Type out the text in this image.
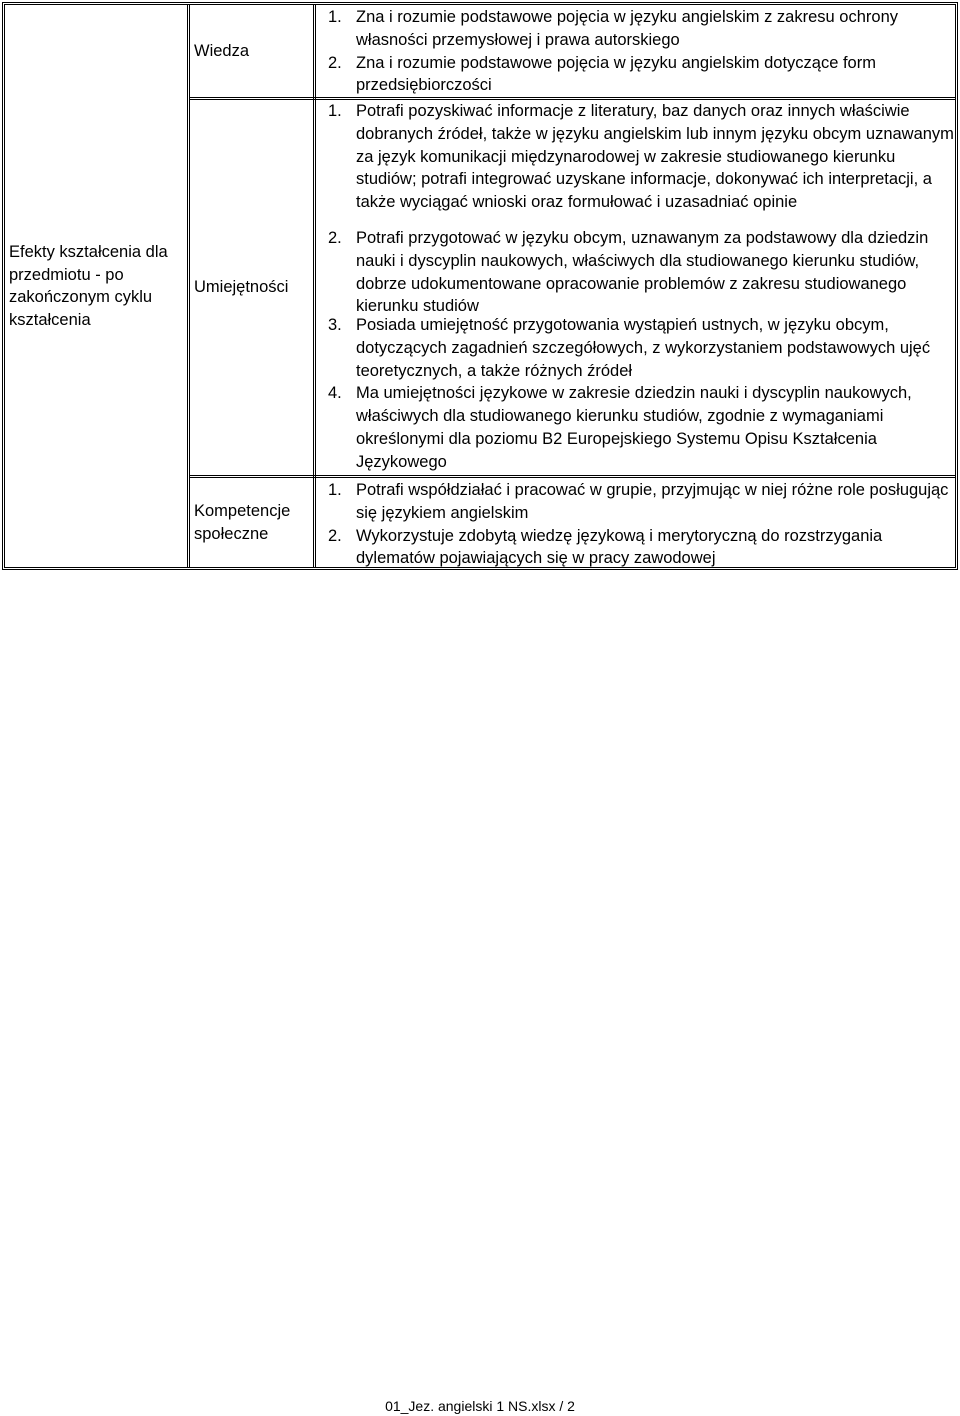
Efekty kształcenia dla przedmiotu - po zakończonym cyklu kształcenia
Wiedza
1. Zna i rozumie podstawowe pojęcia w języku angielskim z zakresu ochrony własności przemysłowej i prawa autorskiego
2. Zna i rozumie podstawowe pojęcia w języku angielskim dotyczące form przedsiębiorczości
Umiejętności
1. Potrafi pozyskiwać informacje z literatury, baz danych oraz innych właściwie dobranych źródeł, także w języku angielskim lub innym języku obcym uznawanym za język komunikacji międzynarodowej w zakresie studiowanego kierunku studiów; potrafi integrować uzyskane informacje, dokonywać ich interpretacji, a także wyciągać wnioski oraz formułować i uzasadniać opinie
2. Potrafi przygotować w języku obcym, uznawanym za podstawowy dla dziedzin nauki i dyscyplin naukowych, właściwych dla studiowanego kierunku studiów, dobrze udokumentowane opracowanie problemów z zakresu studiowanego kierunku studiów
3. Posiada umiejętność przygotowania wystąpień ustnych, w języku obcym, dotyczących zagadnień szczegółowych, z wykorzystaniem podstawowych ujęć teoretycznych, a także różnych źródeł
4. Ma umiejętności językowe w zakresie dziedzin nauki i dyscyplin naukowych, właściwych dla studiowanego kierunku studiów, zgodnie z wymaganiami określonymi dla poziomu B2 Europejskiego Systemu Opisu Kształcenia Językowego
Kompetencje społeczne
1. Potrafi współdziałać i pracować w grupie, przyjmując w niej różne role posługując się językiem angielskim
2. Wykorzystuje zdobytą wiedzę językową i merytoryczną do rozstrzygania dylematów pojawiających się w pracy zawodowej
01_Jez. angielski 1 NS.xlsx / 2
